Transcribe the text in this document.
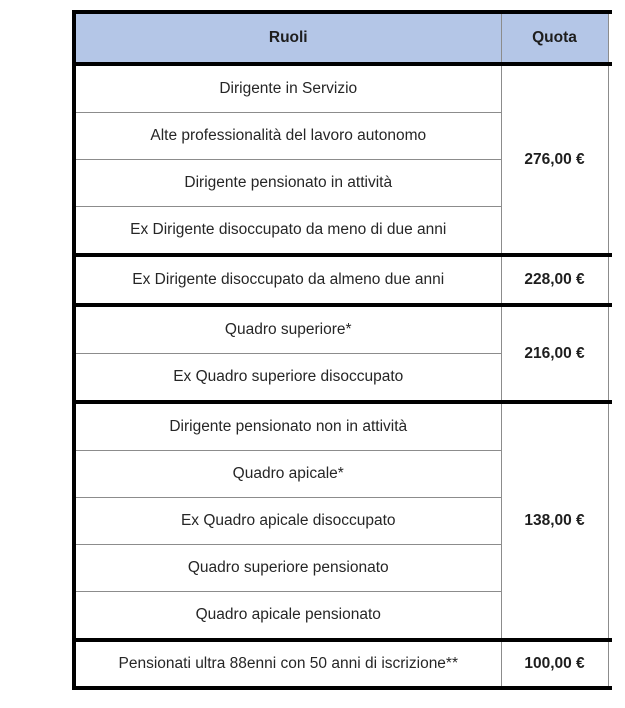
Ruoli	Quota	
Dirigente in Servizio	276,00 €	
Alte professionalità del lavoro autonomo		
Dirigente pensionato in attività		
Ex Dirigente disoccupato da meno di due anni		
Ex Dirigente disoccupato da almeno due anni	228,00 €	
Quadro superiore*	216,00 €	
Ex Quadro superiore disoccupato		
Dirigente pensionato non in attività	138,00 €	
Quadro apicale*		
Ex Quadro apicale disoccupato		
Quadro superiore pensionato		
Quadro apicale pensionato		
Pensionati ultra 88enni con 50 anni di iscrizione**	100,00 €	
